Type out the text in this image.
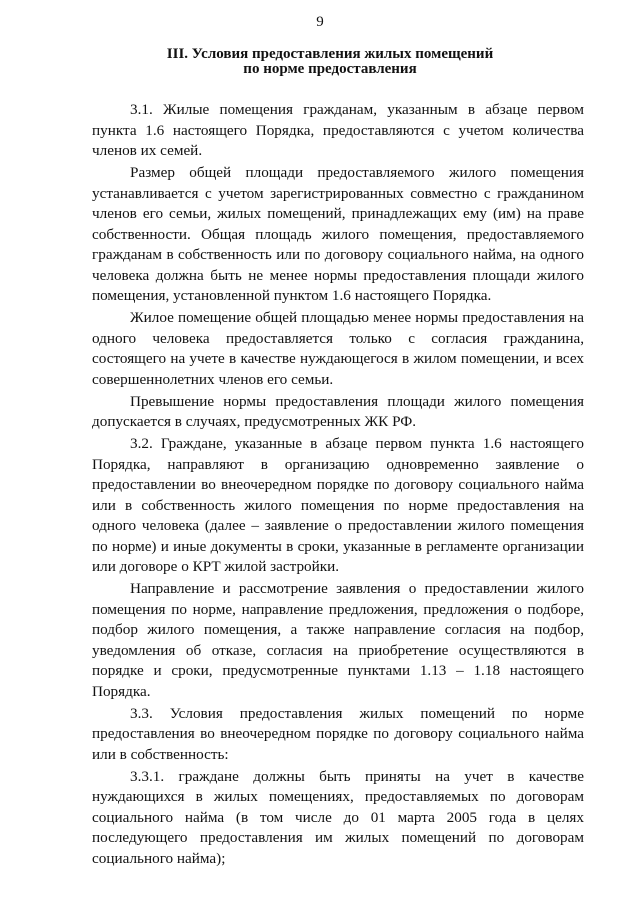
9
III. Условия предоставления жилых помещений
по норме предоставления

3.1. Жилые помещения гражданам, указанным в абзаце первом пункта 1.6 настоящего Порядка, предоставляются с учетом количества членов их семей.

Размер общей площади предоставляемого жилого помещения устанавливается с учетом зарегистрированных совместно с гражданином членов его семьи, жилых помещений, принадлежащих ему (им) на праве собственности. Общая площадь жилого помещения, предоставляемого гражданам в собственность или по договору социального найма, на одного человека должна быть не менее нормы предоставления площади жилого помещения, установленной пунктом 1.6 настоящего Порядка.

Жилое помещение общей площадью менее нормы предоставления на одного человека предоставляется только с согласия гражданина, состоящего на учете в качестве нуждающегося в жилом помещении, и всех совершеннолетних членов его семьи.

Превышение нормы предоставления площади жилого помещения допускается в случаях, предусмотренных ЖК РФ.

3.2. Граждане, указанные в абзаце первом пункта 1.6 настоящего Порядка, направляют в организацию одновременно заявление о предоставлении во внеочередном порядке по договору социального найма или в собственность жилого помещения по норме предоставления на одного человека (далее – заявление о предоставлении жилого помещения по норме) и иные документы в сроки, указанные в регламенте организации или договоре о КРТ жилой застройки.

Направление и рассмотрение заявления о предоставлении жилого помещения по норме, направление предложения, предложения о подборе, подбор жилого помещения, а также направление согласия на подбор, уведомления об отказе, согласия на приобретение осуществляются в порядке и сроки, предусмотренные пунктами 1.13 – 1.18 настоящего Порядка.

3.3. Условия предоставления жилых помещений по норме предоставления во внеочередном порядке по договору социального найма или в собственность:

3.3.1. граждане должны быть приняты на учет в качестве нуждающихся в жилых помещениях, предоставляемых по договорам социального найма (в том числе до 01 марта 2005 года в целях последующего предоставления им жилых помещений по договорам социального найма);
